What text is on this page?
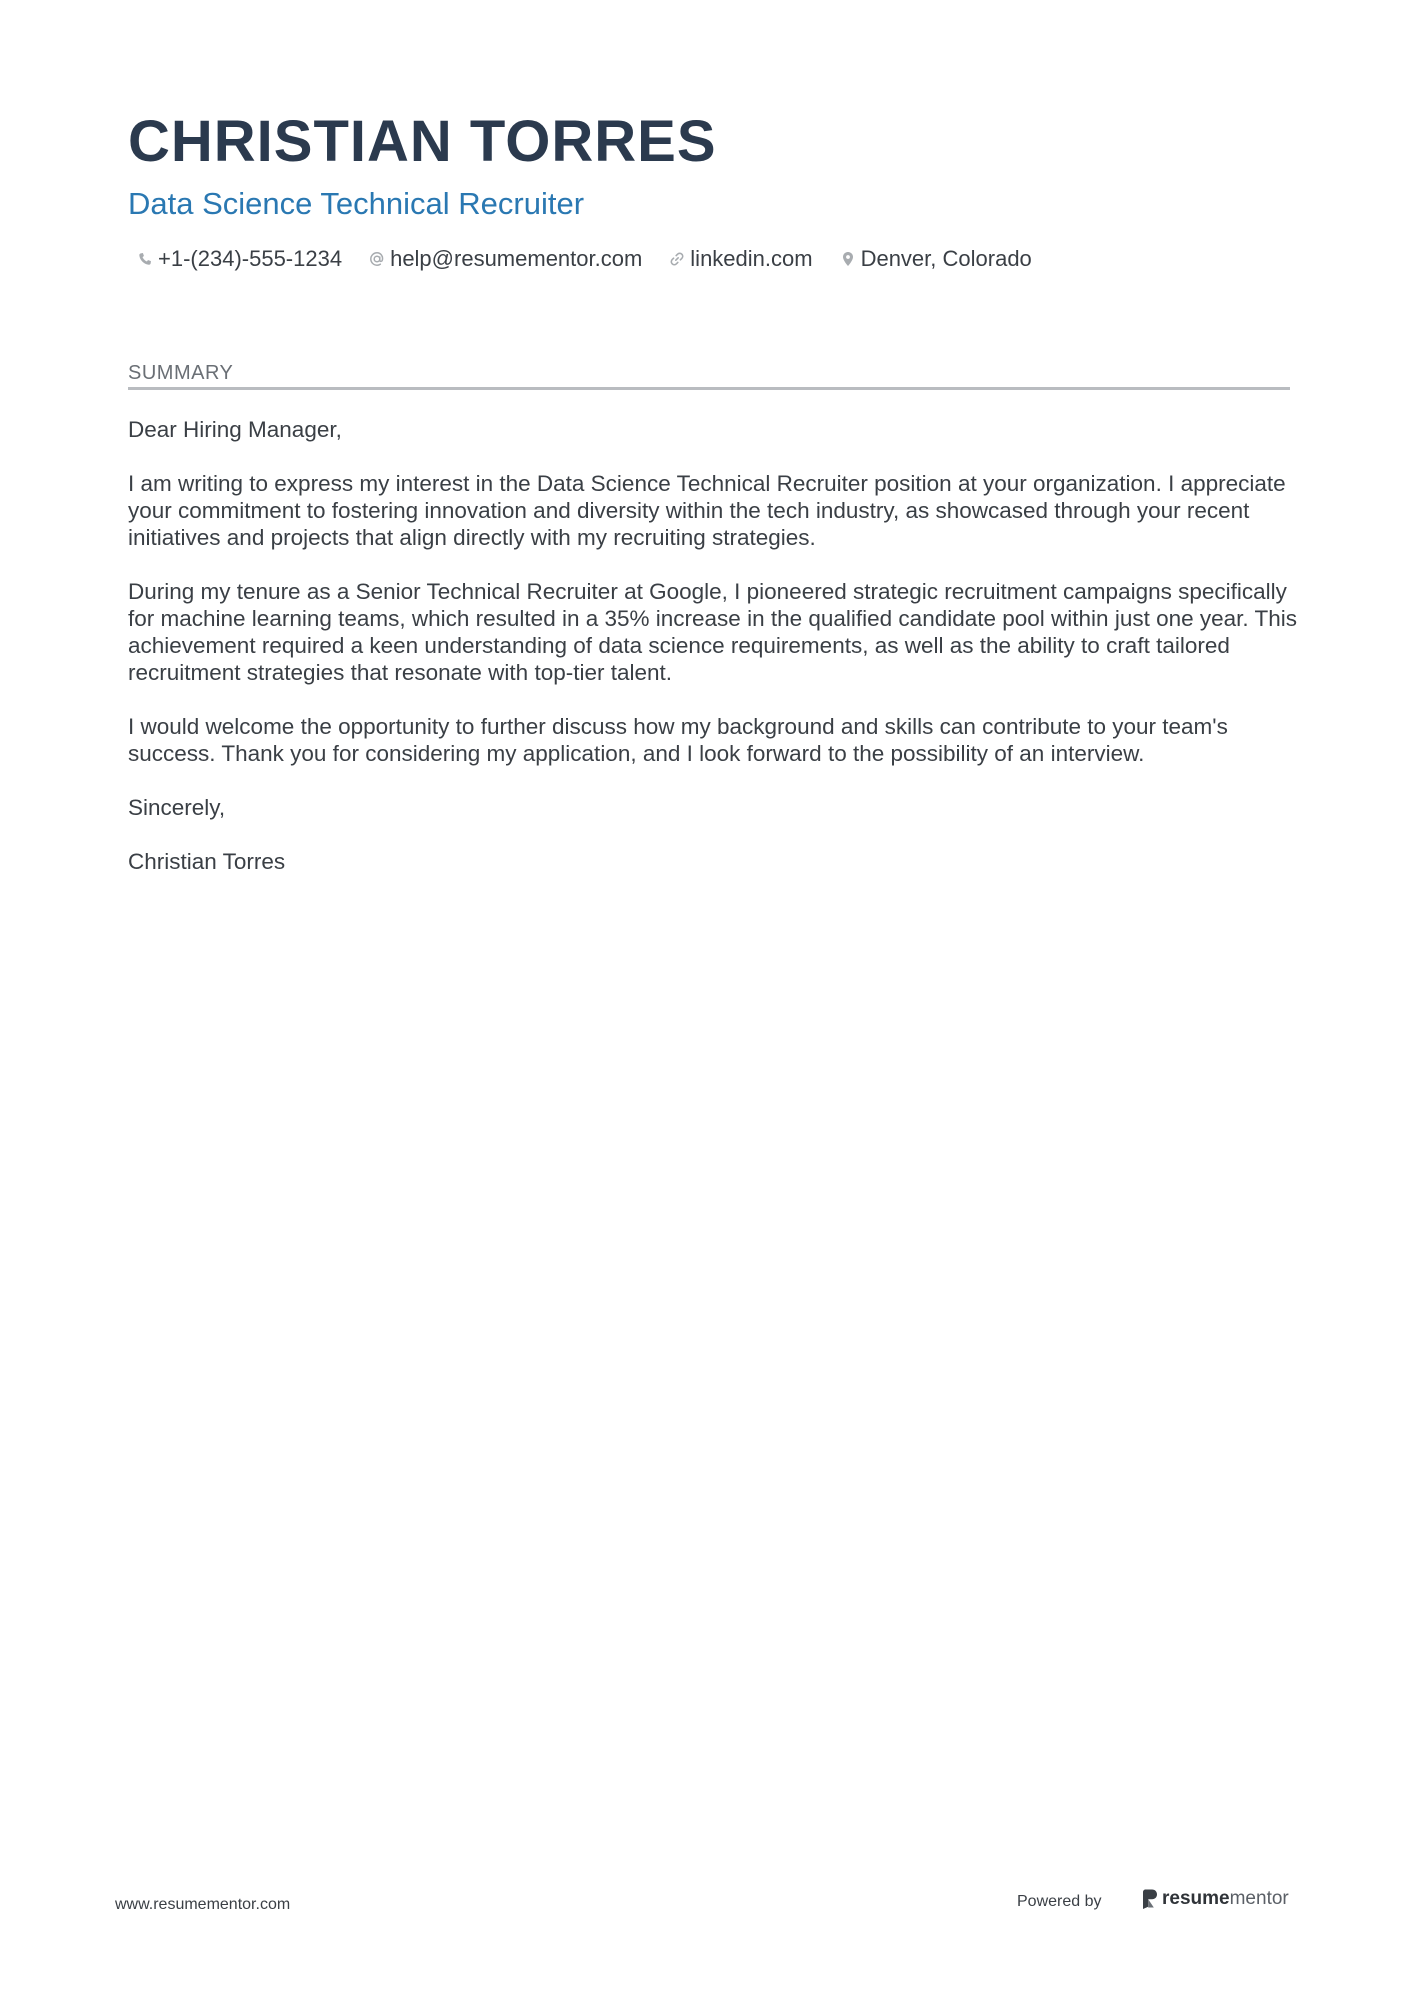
CHRISTIAN TORRES
Data Science Technical Recruiter
+1-(234)-555-1234 help@resumementor.com linkedin.com Denver, Colorado
SUMMARY

Dear Hiring Manager,

I am writing to express my interest in the Data Science Technical Recruiter position at your organization. I appreciate your commitment to fostering innovation and diversity within the tech industry, as showcased through your recent initiatives and projects that align directly with my recruiting strategies.

During my tenure as a Senior Technical Recruiter at Google, I pioneered strategic recruitment campaigns specifically for machine learning teams, which resulted in a 35% increase in the qualified candidate pool within just one year. This achievement required a keen understanding of data science requirements, as well as the ability to craft tailored recruitment strategies that resonate with top-tier talent.

I would welcome the opportunity to further discuss how my background and skills can contribute to your team's success. Thank you for considering my application, and I look forward to the possibility of an interview.

Sincerely,

Christian Torres

www.resumementor.com	Powered by	resume mentor
